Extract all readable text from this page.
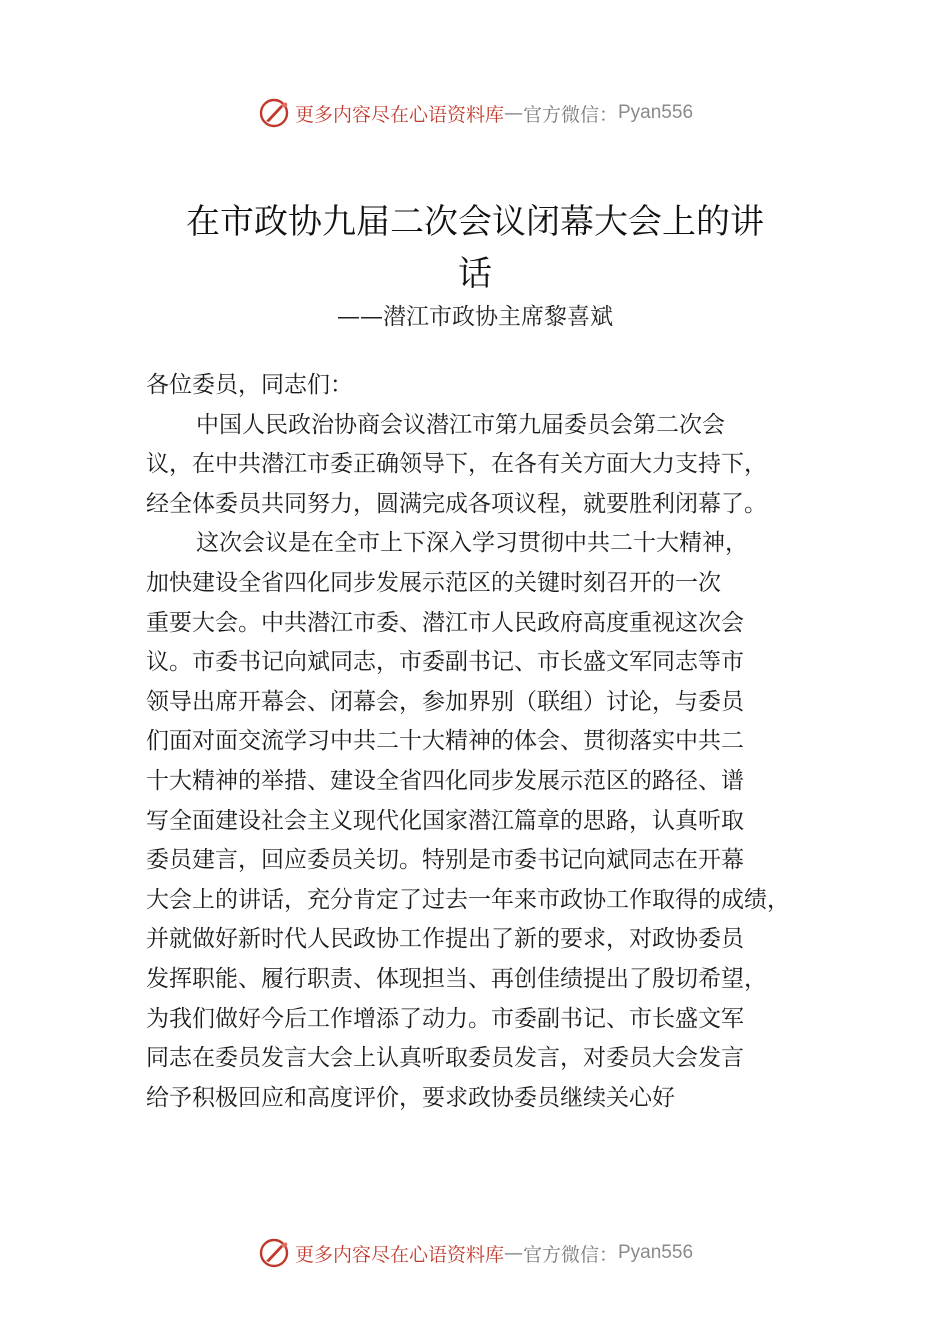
更多内容尽在心语资料库 — 官方微信： Pyan556
在市政协九届二次会议闭幕大会上的讲
话
——潜江市政协主席黎喜斌
各位委员，同志们：
中国人民政治协商会议潜江市第九届委员会第二次会
议，在中共潜江市委正确领导下，在各有关方面大力支持下，
经全体委员共同努力，圆满完成各项议程，就要胜利闭幕了。
这次会议是在全市上下深入学习贯彻中共二十大精神，
加快建设全省四化同步发展示范区的关键时刻召开的一次
重要大会。中共潜江市委、潜江市人民政府高度重视这次会
议。市委书记向斌同志，市委副书记、市长盛文军同志等市
领导出席开幕会、闭幕会，参加界别（联组）讨论，与委员
们面对面交流学习中共二十大精神的体会、贯彻落实中共二
十大精神的举措、建设全省四化同步发展示范区的路径、谱
写全面建设社会主义现代化国家潜江篇章的思路，认真听取
委员建言，回应委员关切。特别是市委书记向斌同志在开幕
大会上的讲话，充分肯定了过去一年来市政协工作取得的成绩，
并就做好新时代人民政协工作提出了新的要求，对政协委员
发挥职能、履行职责、体现担当、再创佳绩提出了殷切希望，
为我们做好今后工作增添了动力。市委副书记、市长盛文军
同志在委员发言大会上认真听取委员发言，对委员大会发言
给予积极回应和高度评价，要求政协委员继续关心好
更多内容尽在心语资料库 — 官方微信： Pyan556
